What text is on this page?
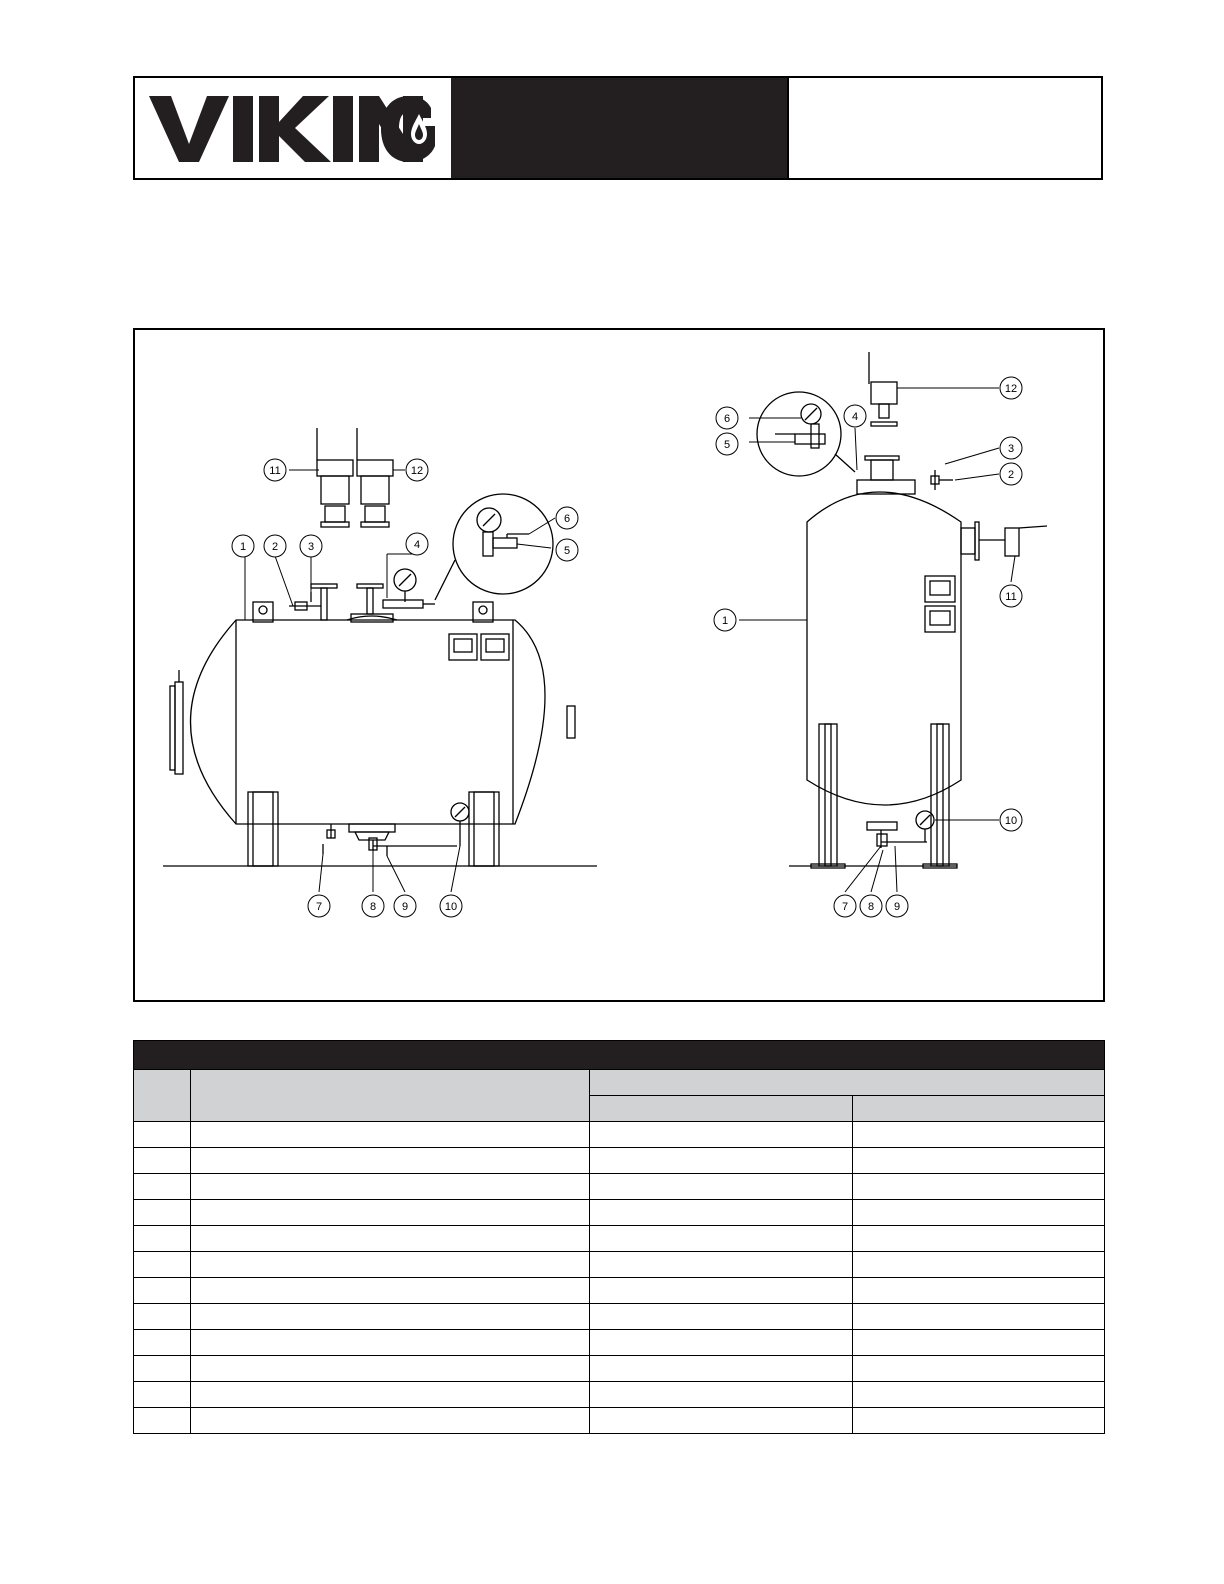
1 2	3	4	5
6
7	8 9	10
11	12
1
2
3
4
5
6
7 8 9
10
11
12
